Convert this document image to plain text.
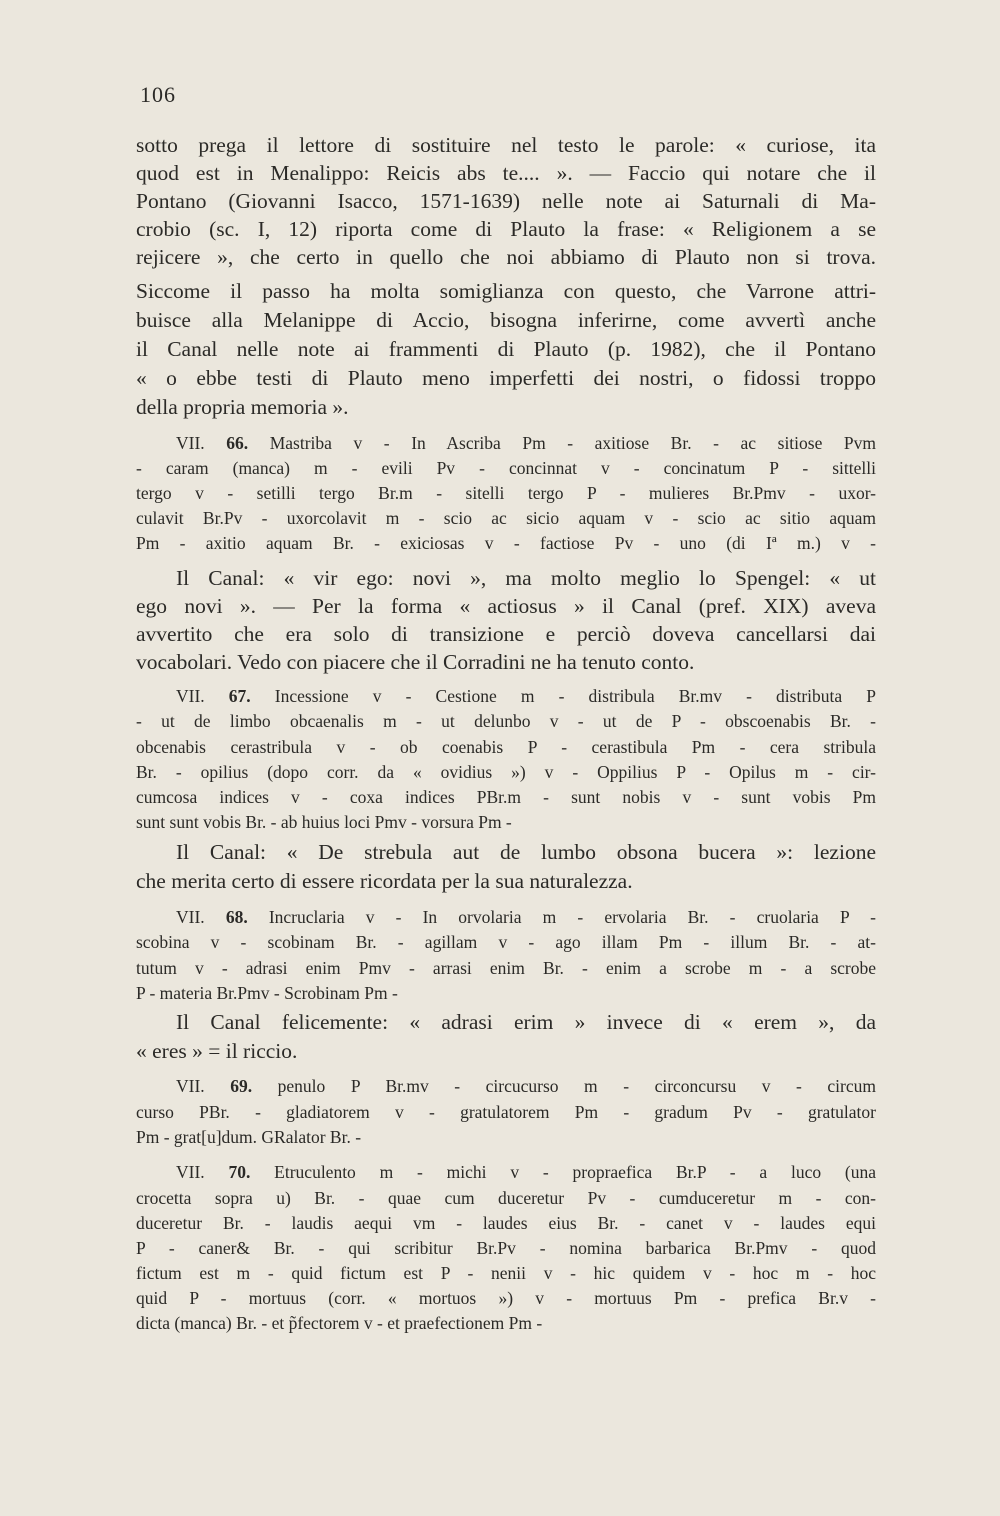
106
sotto prega il lettore di sostituire nel testo le parole: « curiose, ita
quod est in Menalippo: Reicis abs te.... ». — Faccio qui notare che il
Pontano (Giovanni Isacco, 1571-1639) nelle note ai Saturnali di Ma-
crobio (sc. I, 12) riporta come di Plauto la frase: « Religionem a se
rejicere », che certo in quello che noi abbiamo di Plauto non si trova.
Siccome il passo ha molta somiglianza con questo, che Varrone attri-
buisce alla Melanippe di Accio, bisogna inferirne, come avvertì anche
il Canal nelle note ai frammenti di Plauto (p. 1982), che il Pontano
« o ebbe testi di Plauto meno imperfetti dei nostri, o fidossi troppo
della propria memoria ».
VII. 66. Mastriba v - In Ascriba Pm - axitiose Br. - ac sitiose Pvm
- caram (manca) m - evili Pv - concinnat v - concinatum P - sittelli
tergo v - setilli tergo Br.m - sitelli tergo P - mulieres Br.Pmv - uxor-
culavit Br.Pv - uxorcolavit m - scio ac sicio aquam v - scio ac sitio aquam
Pm - axitio aquam Br. - exiciosas v - factiose Pv - uno (di Iª m.) v -
Il Canal: « vir ego: novi », ma molto meglio lo Spengel: « ut
ego novi ». — Per la forma « actiosus » il Canal (pref. XIX) aveva
avvertito che era solo di transizione e perciò doveva cancellarsi dai
vocabolari. Vedo con piacere che il Corradini ne ha tenuto conto.
VII. 67. Incessione v - Cestione m - distribula Br.mv - distributa P
- ut de limbo obcaenalis m - ut delunbo v - ut de P - obscoenabis Br. -
obcenabis cerastribula v - ob coenabis P - cerastibula Pm - cera stribula
Br. - opilius (dopo corr. da « ovidius ») v - Oppilius P - Opilus m - cir-
cumcosa indices v - coxa indices PBr.m - sunt nobis v - sunt vobis Pm
sunt sunt vobis Br. - ab huius loci Pmv - vorsura Pm -
Il Canal: « De strebula aut de lumbo obsona bucera »: lezione
che merita certo di essere ricordata per la sua naturalezza.
VII. 68. Incruclaria v - In orvolaria m - ervolaria Br. - cruolaria P -
scobina v - scobinam Br. - agillam v - ago illam Pm - illum Br. - at-
tutum v - adrasi enim Pmv - arrasi enim Br. - enim a scrobe m - a scrobe
P - materia Br.Pmv - Scrobinam Pm -
Il Canal felicemente: « adrasi erim » invece di « erem », da
« eres » = il riccio.
VII. 69. penulo P Br.mv - circucurso m - circoncursu v - circum
curso PBr. - gladiatorem v - gratulatorem Pm - gradum Pv - gratulator
Pm - grat[u]dum. GRalator Br. -
VII. 70. Etruculento m - michi v - propraefica Br.P - a luco (una
crocetta sopra u) Br. - quae cum duceretur Pv - cumduceretur m - con-
duceretur Br. - laudis aequi vm - laudes eius Br. - canet v - laudes equi
P - caner& Br. - qui scribitur Br.Pv - nomina barbarica Br.Pmv - quod
fictum est m - quid fictum est P - nenii v - hic quidem v - hoc m - hoc
quid P - mortuus (corr. « mortuos ») v - mortuus Pm - prefica Br.v -
dicta (manca) Br. - et p̃fectorem v - et praefectionem Pm -
